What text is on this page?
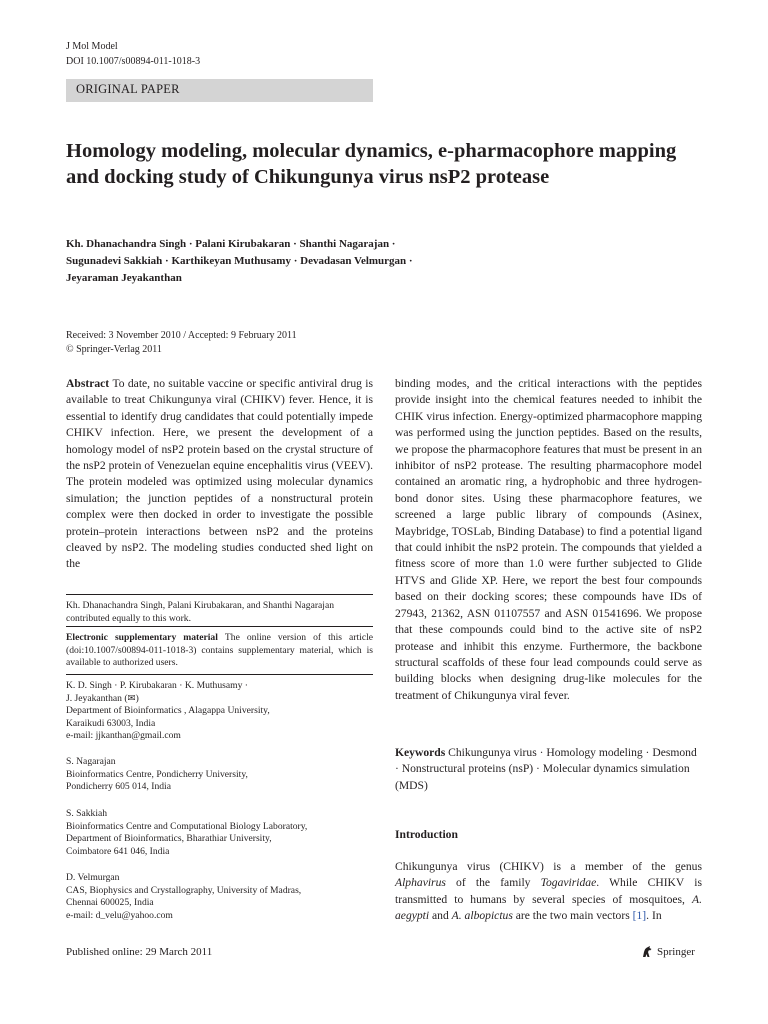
J Mol Model
DOI 10.1007/s00894-011-1018-3
ORIGINAL PAPER
Homology modeling, molecular dynamics, e-pharmacophore mapping and docking study of Chikungunya virus nsP2 protease
Kh. Dhanachandra Singh · Palani Kirubakaran · Shanthi Nagarajan ·
Sugunadevi Sakkiah · Karthikeyan Muthusamy · Devadasan Velmurgan ·
Jeyaraman Jeyakanthan
Received: 3 November 2010 / Accepted: 9 February 2011
© Springer-Verlag 2011

Abstract To date, no suitable vaccine or specific antiviral drug is available to treat Chikungunya viral (CHIKV) fever. Hence, it is essential to identify drug candidates that could potentially impede CHIKV infection. Here, we present the development of a homology model of nsP2 protein based on the crystal structure of the nsP2 protein of Venezuelan equine encephalitis virus (VEEV). The protein modeled was optimized using molecular dynamics simulation; the junction peptides of a nonstructural protein complex were then docked in order to investigate the possible protein–protein interactions between nsP2 and the proteins cleaved by nsP2. The modeling studies conducted shed light on the

binding modes, and the critical interactions with the peptides provide insight into the chemical features needed to inhibit the CHIK virus infection. Energy-optimized pharmacophore mapping was performed using the junction peptides. Based on the results, we propose the pharmacophore features that must be present in an inhibitor of nsP2 protease. The resulting pharmacophore model contained an aromatic ring, a hydrophobic and three hydrogen-bond donor sites. Using these pharmacophore features, we screened a large public library of compounds (Asinex, Maybridge, TOSLab, Binding Database) to find a potential ligand that could inhibit the nsP2 protein. The compounds that yielded a fitness score of more than 1.0 were further subjected to Glide HTVS and Glide XP. Here, we report the best four compounds based on their docking scores; these compounds have IDs of 27943, 21362, ASN 01107557 and ASN 01541696. We propose that these compounds could bind to the active site of nsP2 protease and inhibit this enzyme. Furthermore, the backbone structural scaffolds of these four lead compounds could serve as building blocks when designing drug-like molecules for the treatment of Chikungunya viral fever.

Kh. Dhanachandra Singh, Palani Kirubakaran, and Shanthi Nagarajan contributed equally to this work.
Electronic supplementary material The online version of this article (doi:10.1007/s00894-011-1018-3) contains supplementary material, which is available to authorized users.
K. D. Singh · P. Kirubakaran · K. Muthusamy ·
J. Jeyakanthan (✉)
Department of Bioinformatics , Alagappa University,
Karaikudi 63003, India
e-mail: jjkanthan@gmail.com
S. Nagarajan
Bioinformatics Centre, Pondicherry University,
Pondicherry 605 014, India
S. Sakkiah
Bioinformatics Centre and Computational Biology Laboratory,
Department of Bioinformatics, Bharathiar University,
Coimbatore 641 046, India
D. Velmurgan
CAS, Biophysics and Crystallography, University of Madras,
Chennai 600025, India
e-mail: d_velu@yahoo.com

Keywords Chikungunya virus · Homology modeling · Desmond · Nonstructural proteins (nsP) · Molecular dynamics simulation (MDS)

Introduction

Chikungunya virus (CHIKV) is a member of the genus Alphavirus of the family Togaviridae. While CHIKV is transmitted to humans by several species of mosquitoes, A. aegypti and A. albopictus are the two main vectors [1]. In

Published online: 29 March 2011	Springer
